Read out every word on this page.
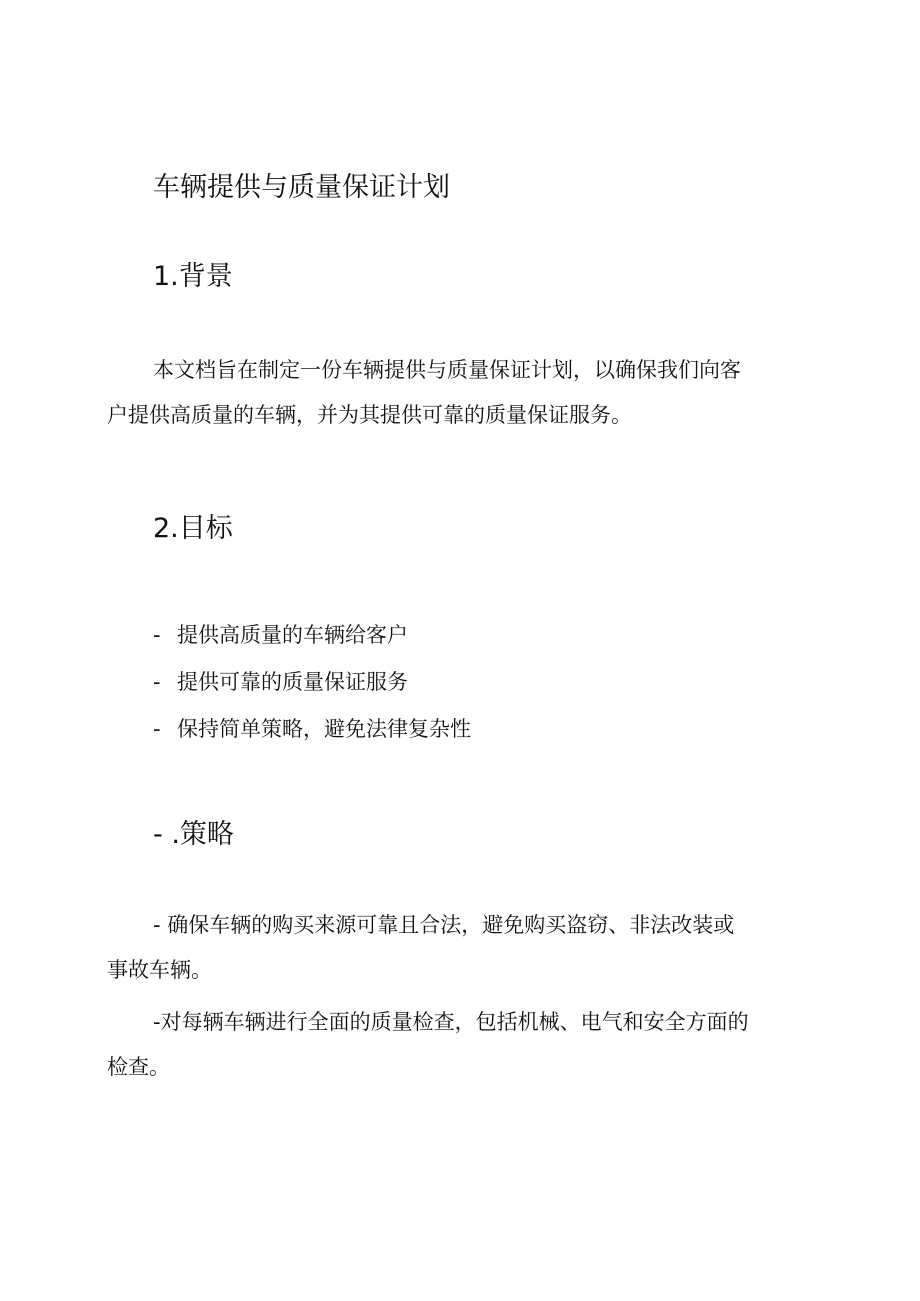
车辆提供与质量保证计划
1.背景
本文档旨在制定一份车辆提供与质量保证计划，以确保我们向客
户提供高质量的车辆，并为其提供可靠的质量保证服务。
2.目标
- 提供高质量的车辆给客户
- 提供可靠的质量保证服务
- 保持简单策略，避免法律复杂性
- .策略
- 确保车辆的购买来源可靠且合法，避免购买盗窃、非法改装或
事故车辆。
-对每辆车辆进行全面的质量检查，包括机械、电气和安全方面的
检查。
